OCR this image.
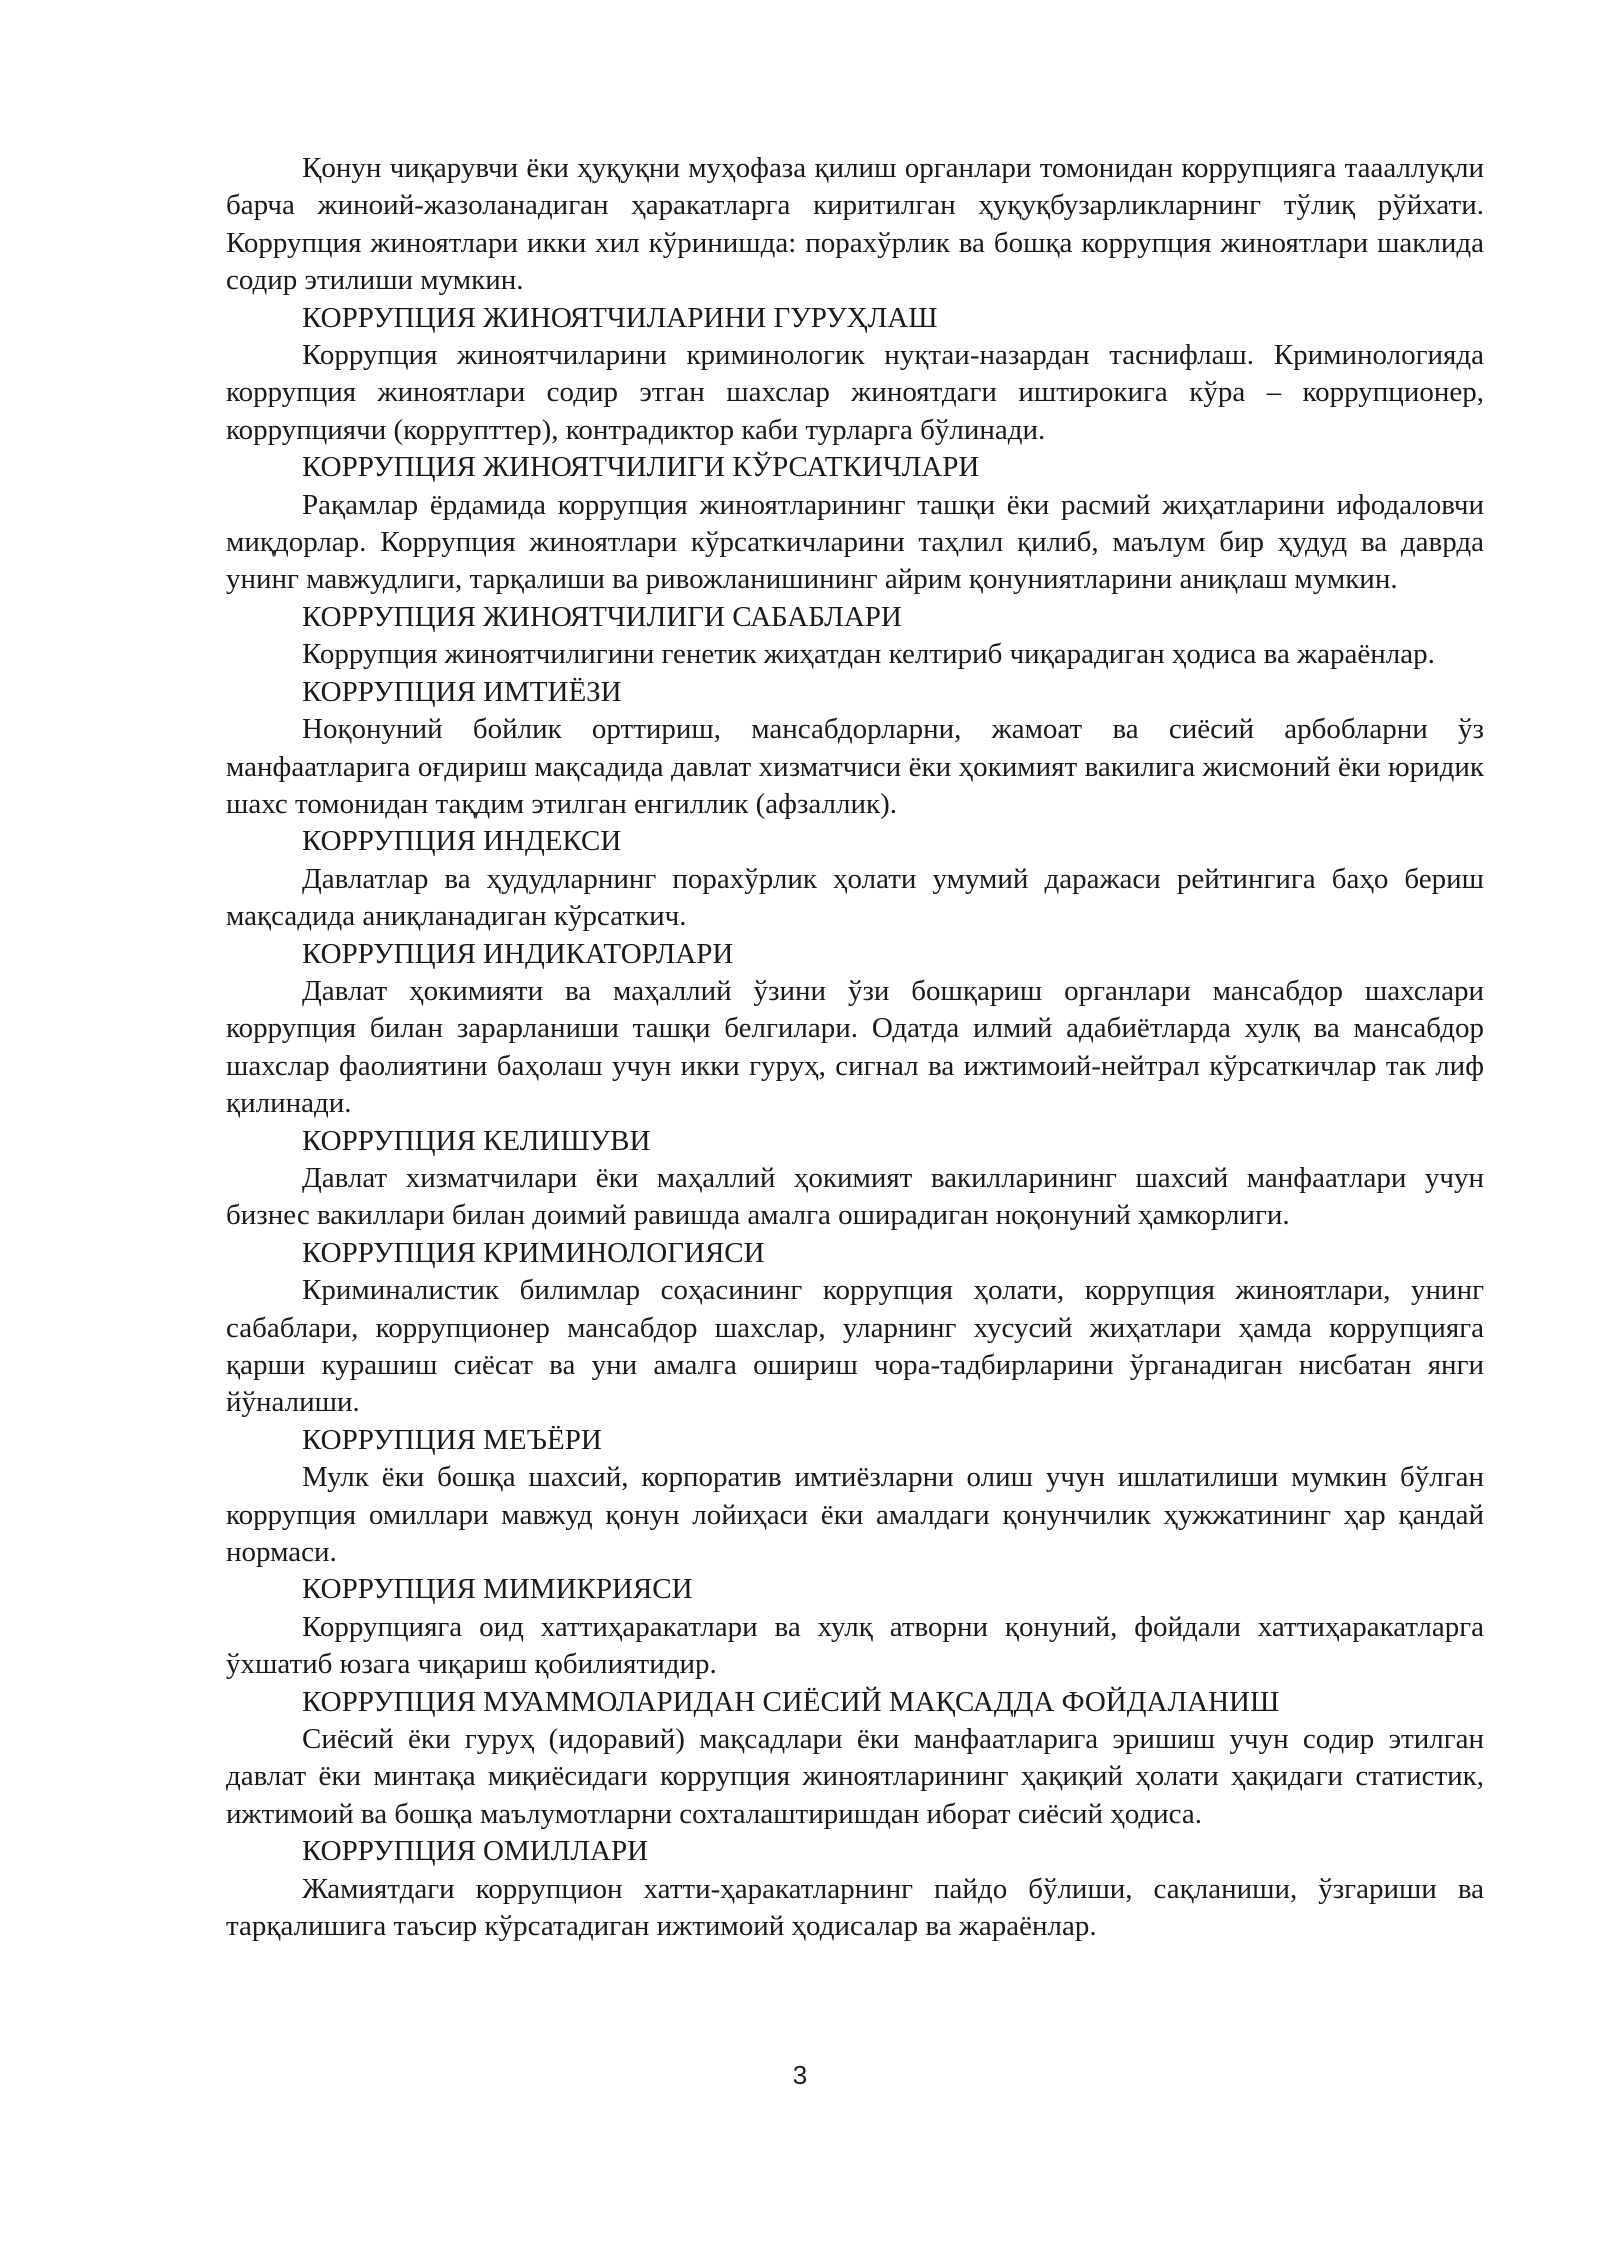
Қонун чиқарувчи ёки ҳуқуқни муҳофаза қилиш органлари томонидан коррупцияга таааллуқли барча жиноий-жазоланадиган ҳаракатларга киритилган ҳуқуқбузарликларнинг тўлиқ рўйхати. Коррупция жиноятлари икки хил кўринишда: порахўрлик ва бошқа коррупция жиноятлари шаклида содир этилиши мумкин.

КОРРУПЦИЯ ЖИНОЯТЧИЛАРИНИ ГУРУҲЛАШ

Коррупция жиноятчиларини криминологик нуқтаи-назардан таснифлаш. Криминологияда коррупция жиноятлари содир этган шахслар жиноятдаги иштирокига кўра – коррупционер, коррупциячи (коррупттер), контрадиктор каби турларга бўлинади.

КОРРУПЦИЯ ЖИНОЯТЧИЛИГИ КЎРСАТКИЧЛАРИ

Рақамлар ёрдамида коррупция жиноятларининг ташқи ёки расмий жиҳатларини ифодаловчи миқдорлар. Коррупция жиноятлари кўрсаткичларини таҳлил қилиб, маълум бир ҳудуд ва даврда унинг мавжудлиги, тарқалиши ва ривожланишининг айрим қонуниятларини аниқлаш мумкин.

КОРРУПЦИЯ ЖИНОЯТЧИЛИГИ САБАБЛАРИ

Коррупция жиноятчилигини генетик жиҳатдан келтириб чиқарадиган ҳодиса ва жараёнлар.

КОРРУПЦИЯ ИМТИЁЗИ

Ноқонуний бойлик орттириш, мансабдорларни, жамоат ва сиёсий арбобларни ўз манфаатларига оғдириш мақсадида давлат хизматчиси ёки ҳокимият вакилига жисмоний ёки юридик шахс томонидан тақдим этилган енгиллик (афзаллик).

КОРРУПЦИЯ ИНДЕКСИ

Давлатлар ва ҳудудларнинг порахўрлик ҳолати умумий даражаси рейтингига баҳо бериш мақсадида аниқланадиган кўрсаткич.

КОРРУПЦИЯ ИНДИКАТОРЛАРИ

Давлат ҳокимияти ва маҳаллий ўзини ўзи бошқариш органлари мансабдор шахслари коррупция билан зарарланиши ташқи белгилари. Одатда илмий адабиётларда хулқ ва мансабдор шахслар фаолиятини баҳолаш учун икки гуруҳ, сигнал ва ижтимоий-нейтрал кўрсаткичлар так лиф қилинади.

КОРРУПЦИЯ КЕЛИШУВИ

Давлат хизматчилари ёки маҳаллий ҳокимият вакилларининг шахсий манфаатлари учун бизнес вакиллари билан доимий равишда амалга оширадиган ноқонуний ҳамкорлиги.

КОРРУПЦИЯ КРИМИНОЛОГИЯСИ

Криминалистик билимлар соҳасининг коррупция ҳолати, коррупция жиноятлари, унинг сабаблари, коррупционер мансабдор шахслар, уларнинг хусусий жиҳатлари ҳамда коррупцияга қарши курашиш сиёсат ва уни амалга ошириш чора-тадбирларини ўрганадиган нисбатан янги йўналиши.

КОРРУПЦИЯ МЕЪЁРИ

Мулк ёки бошқа шахсий, корпоратив имтиёзларни олиш учун ишлатилиши мумкин бўлган коррупция омиллари мавжуд қонун лойиҳаси ёки амалдаги қонунчилик ҳужжатининг ҳар қандай нормаси.

КОРРУПЦИЯ МИМИКРИЯСИ

Коррупцияга оид хаттиҳаракатлари ва хулқ атворни қонуний, фойдали хаттиҳаракатларга ўхшатиб юзага чиқариш қобилиятидир.

КОРРУПЦИЯ МУАММОЛАРИДАН СИЁСИЙ МАҚСАДДА ФОЙДАЛАНИШ

Сиёсий ёки гуруҳ (идоравий) мақсадлари ёки манфаатларига эришиш учун содир этилган давлат ёки минтақа миқиёсидаги коррупция жиноятларининг ҳақиқий ҳолати ҳақидаги статистик, ижтимоий ва бошқа маълумотларни сохталаштиришдан иборат сиёсий ҳодиса.

КОРРУПЦИЯ ОМИЛЛАРИ

Жамиятдаги коррупцион хатти-ҳаракатларнинг пайдо бўлиши, сақланиши, ўзгариши ва тарқалишига таъсир кўрсатадиган ижтимоий ҳодисалар ва жараёнлар.

3
